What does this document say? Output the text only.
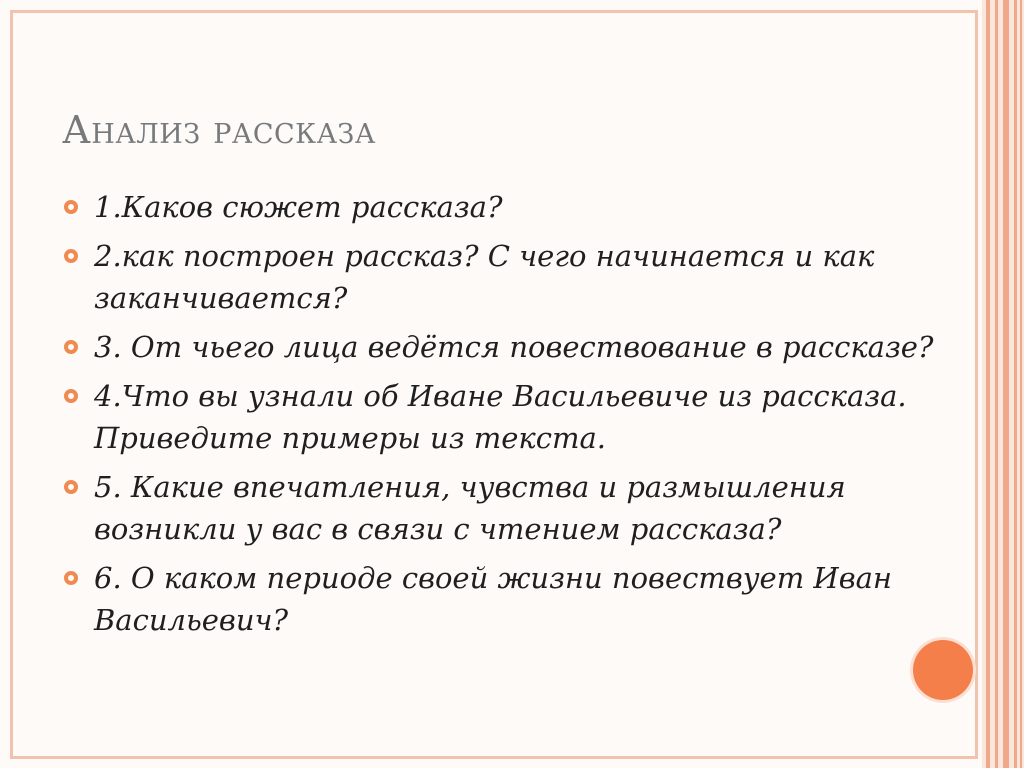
Анализ рассказа
1.Каков сюжет рассказа?
2.как построен рассказ? С чего начинается и как заканчивается?
3. От чьего лица ведётся повествование в рассказе?
4.Что вы узнали об Иване Васильевиче из рассказа. Приведите примеры из текста.
5. Какие впечатления, чувства и размышления возникли у вас в связи с чтением рассказа?
6. О каком периоде своей жизни повествует Иван Васильевич?
